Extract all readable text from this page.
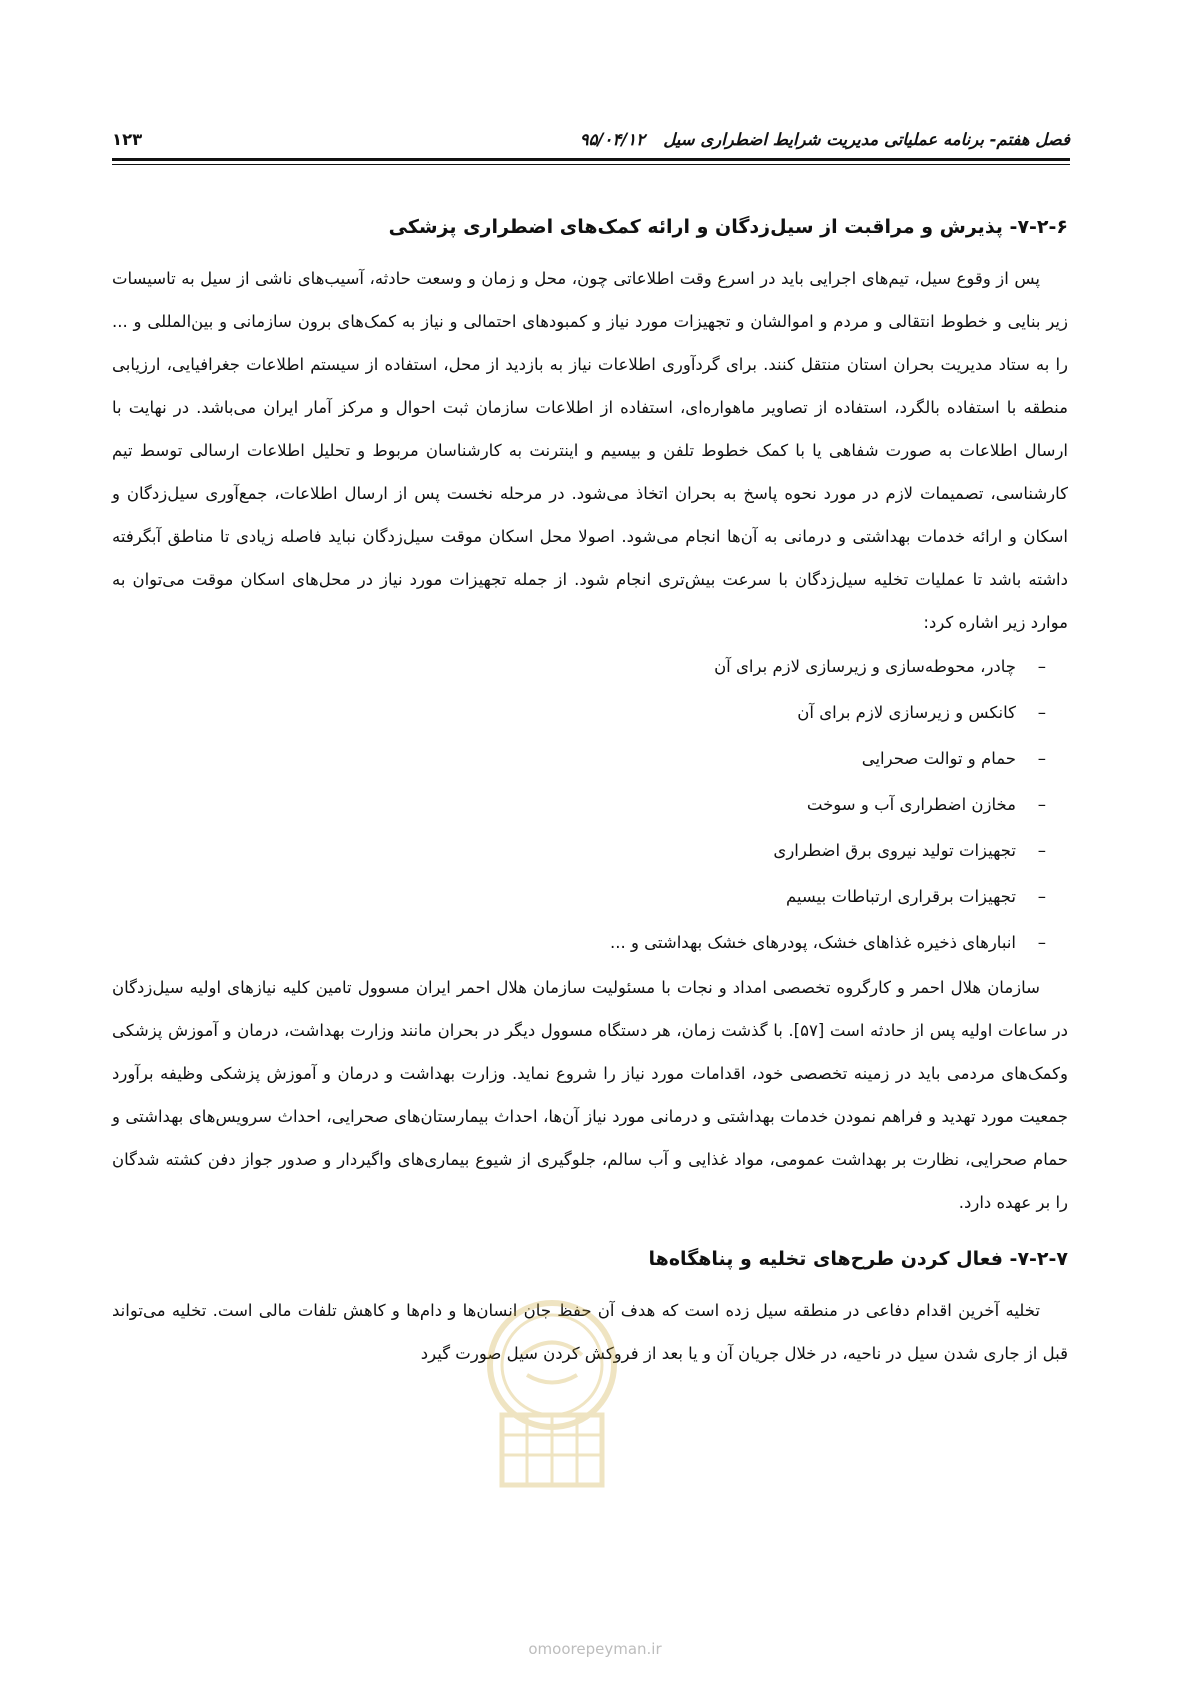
فصل هفتم- برنامه عملیاتی مدیریت شرایط اضطراری سیل
۹۵/۰۴/۱۲
۱۲۳
۷-۲-۶- پذیرش و مراقبت از سیل‌زدگان و ارائه کمک‌های اضطراری پزشکی

پس از وقوع سیل، تیم‌های اجرایی باید در اسرع وقت اطلاعاتی چون، محل و زمان و وسعت حادثه، آسیب‌های ناشی از سیل به تاسیسات زیر بنایی و خطوط انتقالی و مردم و اموالشان و تجهیزات مورد نیاز و کمبودهای احتمالی و نیاز به کمک‌های برون سازمانی و بین‌المللی و ... را به ستاد مدیریت بحران استان منتقل کنند. برای گردآوری اطلاعات نیاز به بازدید از محل، استفاده از سیستم اطلاعات جغرافیایی، ارزیابی منطقه با استفاده بالگرد، استفاده از تصاویر ماهواره‌ای، استفاده از اطلاعات سازمان ثبت احوال و مرکز آمار ایران می‌باشد. در نهایت با ارسال اطلاعات به صورت شفاهی یا با کمک خطوط تلفن و بیسیم و اینترنت به کارشناسان مربوط و تحلیل اطلاعات ارسالی توسط تیم کارشناسی، تصمیمات لازم در مورد نحوه پاسخ به بحران اتخاذ می‌شود. در مرحله نخست پس از ارسال اطلاعات، جمع‌آوری سیل‌زدگان و اسکان و ارائه خدمات بهداشتی و درمانی به آن‌ها انجام می‌شود. اصولا محل اسکان موقت سیل‌زدگان نباید فاصله زیادی تا مناطق آبگرفته داشته باشد تا عملیات تخلیه سیل‌زدگان با سرعت بیش‌تری انجام شود. از جمله تجهیزات مورد نیاز در محل‌های اسکان موقت می‌توان به موارد زیر اشاره کرد:

–چادر، محوطه‌سازی و زیرسازی لازم برای آن
–کانکس و زیرسازی لازم برای آن
–حمام و توالت صحرایی
–مخازن اضطراری آب و سوخت
–تجهیزات تولید نیروی برق اضطراری
–تجهیزات برقراری ارتباطات بیسیم
–انبارهای ذخیره غذاهای خشک، پودرهای خشک بهداشتی و ...

سازمان هلال احمر و کارگروه تخصصی امداد و نجات با مسئولیت سازمان هلال احمر ایران مسوول تامین کلیه نیازهای اولیه سیل‌زدگان در ساعات اولیه پس از حادثه است [۵۷]. با گذشت زمان، هر دستگاه مسوول دیگر در بحران مانند وزارت بهداشت، درمان و آموزش پزشکی وکمک‌های مردمی باید در زمینه تخصصی خود، اقدامات مورد نیاز را شروع نماید. وزارت بهداشت و درمان و آموزش پزشکی وظیفه برآورد جمعیت مورد تهدید و فراهم نمودن خدمات بهداشتی و درمانی مورد نیاز آن‌ها، احداث بیمارستان‌های صحرایی، احداث سرویس‌های بهداشتی و حمام صحرایی، نظارت بر بهداشت عمومی، مواد غذایی و آب سالم، جلوگیری از شیوع بیماری‌های واگیردار و صدور جواز دفن کشته شدگان را بر عهده دارد.

۷-۲-۷- فعال کردن طرح‌های تخلیه و پناهگاه‌ها

تخلیه آخرین اقدام دفاعی در منطقه سیل زده است که هدف آن حفظ جان انسان‌ها و دام‌ها و کاهش تلفات مالی است. تخلیه می‌تواند قبل از جاری شدن سیل در ناحیه، در خلال جریان آن و یا بعد از فروکش کردن سیل صورت گیرد

omoorepeyman.ir
